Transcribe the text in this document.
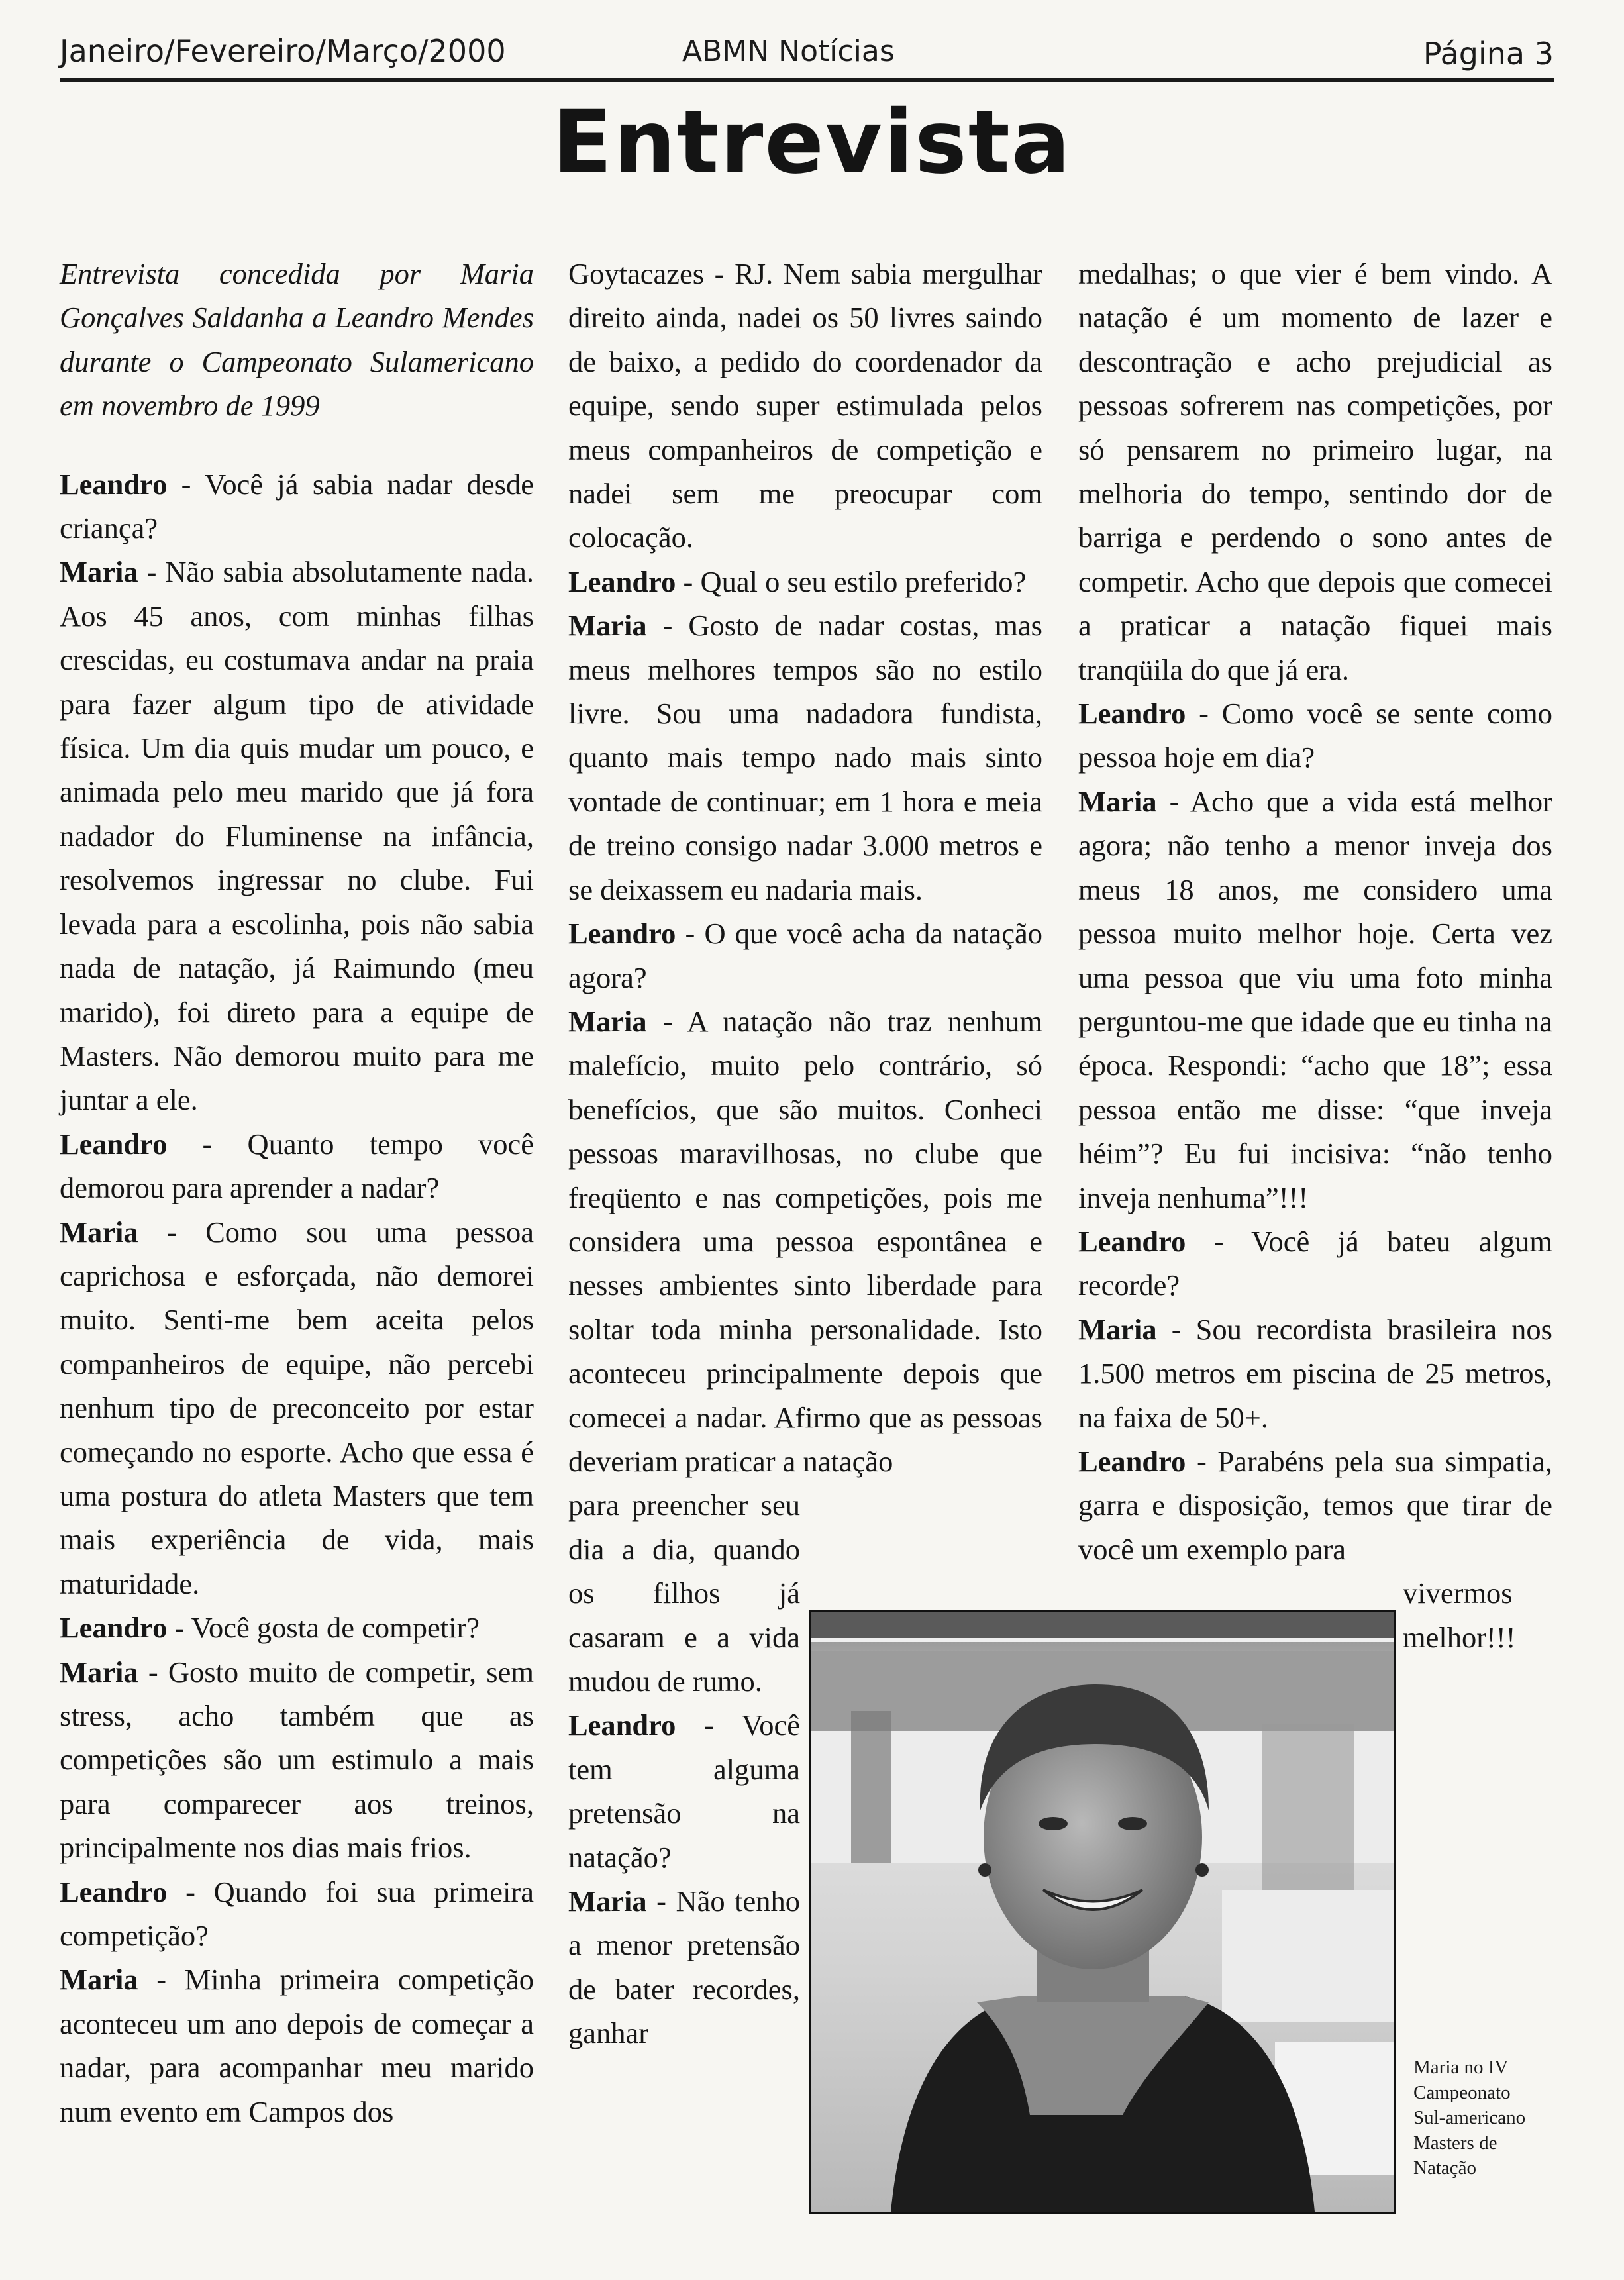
Janeiro/Fevereiro/Março/2000	ABMN Notícias	Página 3
Entrevista

Entrevista concedida por Maria Gonçalves Saldanha a Leandro Mendes durante o Campeonato Sulamericano em novembro de 1999

Leandro - Você já sabia nadar desde criança?

Maria - Não sabia absolutamente nada. Aos 45 anos, com minhas filhas crescidas, eu costumava andar na praia para fazer algum tipo de atividade física. Um dia quis mudar um pouco, e animada pelo meu marido que já fora nadador do Fluminense na infância, resolvemos ingressar no clube. Fui levada para a escolinha, pois não sabia nada de natação, já Raimundo (meu marido), foi direto para a equipe de Masters. Não demorou muito para me juntar a ele.

Leandro - Quanto tempo você demorou para aprender a nadar?

Maria - Como sou uma pessoa caprichosa e esforçada, não demorei muito. Senti-me bem aceita pelos companheiros de equipe, não percebi nenhum tipo de preconceito por estar começando no esporte. Acho que essa é uma postura do atleta Masters que tem mais experiência de vida, mais maturidade.

Leandro - Você gosta de competir?

Maria - Gosto muito de competir, sem stress, acho também que as competições são um estimulo a mais para comparecer aos treinos, principalmente nos dias mais frios.

Leandro - Quando foi sua primeira competição?

Maria - Minha primeira competição aconteceu um ano depois de começar a nadar, para acompanhar meu marido num evento em Campos dos

Goytacazes - RJ. Nem sabia mergulhar direito ainda, nadei os 50 livres saindo de baixo, a pedido do coordenador da equipe, sendo super estimulada pelos meus companheiros de competição e nadei sem me preocupar com colocação.

Leandro - Qual o seu estilo preferido?

Maria - Gosto de nadar costas, mas meus melhores tempos são no estilo livre. Sou uma nadadora fundista, quanto mais tempo nado mais sinto vontade de continuar; em 1 hora e meia de treino consigo nadar 3.000 metros e se deixassem eu nadaria mais.

Leandro - O que você acha da natação agora?

Maria - A natação não traz nenhum malefício, muito pelo contrário, só benefícios, que são muitos. Conheci pessoas maravilhosas, no clube que freqüento e nas competições, pois me considera uma pessoa espontânea e nesses ambientes sinto liberdade para soltar toda minha personalidade. Isto aconteceu principalmente depois que comecei a nadar. Afirmo que as pessoas deveriam praticar a natação

para preencher seu dia a dia, quando os filhos já casaram e a vida mudou de rumo.

Leandro - Você tem alguma pretensão na natação?

Maria - Não tenho a menor pretensão de bater recordes, ganhar

medalhas; o que vier é bem vindo. A natação é um momento de lazer e descontração e acho prejudicial as pessoas sofrerem nas competições, por só pensarem no primeiro lugar, na melhoria do tempo, sentindo dor de barriga e perdendo o sono antes de competir. Acho que depois que comecei a praticar a natação fiquei mais tranqüila do que já era.

Leandro - Como você se sente como pessoa hoje em dia?

Maria - Acho que a vida está melhor agora; não tenho a menor inveja dos meus 18 anos, me considero uma pessoa muito melhor hoje. Certa vez uma pessoa que viu uma foto minha perguntou-me que idade que eu tinha na época. Respondi: “acho que 18”; essa pessoa então me disse: “que inveja héim”? Eu fui incisiva: “não tenho inveja nenhuma”!!!

Leandro - Você já bateu algum recorde?

Maria - Sou recordista brasileira nos 1.500 metros em piscina de 25 metros, na faixa de 50+.

Leandro - Parabéns pela sua simpatia, garra e disposição, temos que tirar de você um exemplo para

vivermos melhor!!!

Maria no IV Campeonato Sul-americano Masters de Natação
